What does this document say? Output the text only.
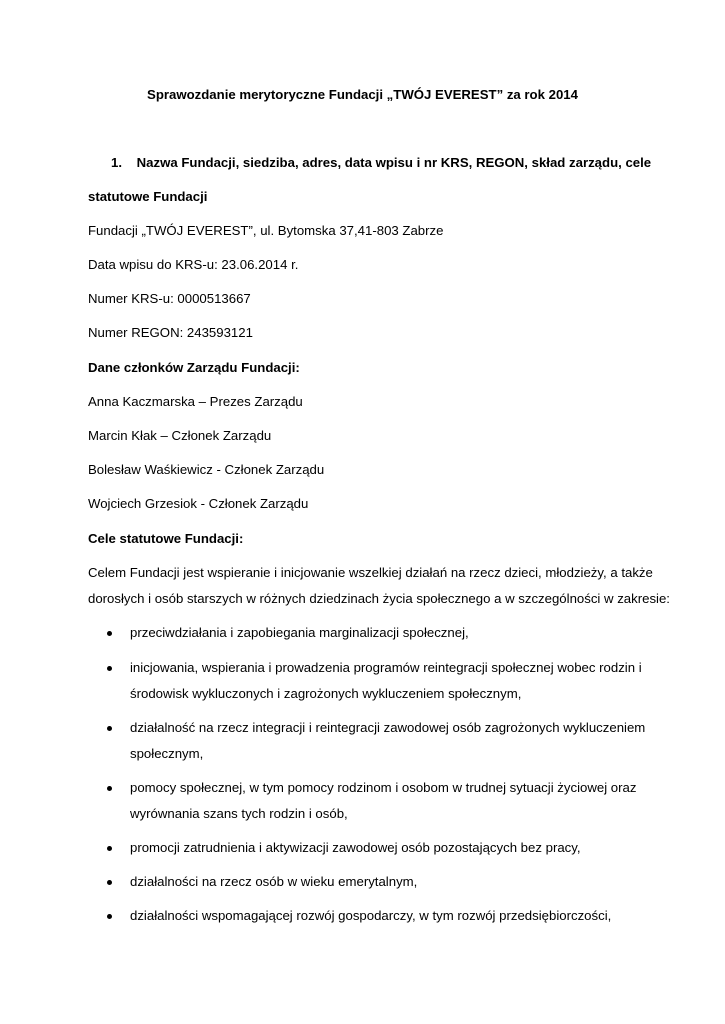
Sprawozdanie merytoryczne Fundacji „TWÓJ EVEREST” za rok 2014
1.    Nazwa Fundacji, siedziba, adres, data wpisu i nr KRS, REGON, skład zarządu, cele
statutowe Fundacji
Fundacji „TWÓJ EVEREST”, ul. Bytomska 37,41-803 Zabrze
Data wpisu do KRS-u: 23.06.2014 r.
Numer KRS-u: 0000513667
Numer REGON: 243593121
Dane członków Zarządu Fundacji:
Anna Kaczmarska – Prezes Zarządu
Marcin Kłak – Członek Zarządu
Bolesław Waśkiewicz - Członek Zarządu
Wojciech Grzesiok - Członek Zarządu
Cele statutowe Fundacji:
Celem Fundacji jest wspieranie i inicjowanie wszelkiej działań na rzecz dzieci, młodzieży, a także
dorosłych i osób starszych w różnych dziedzinach życia społecznego a w szczególności w zakresie:
przeciwdziałania i zapobiegania marginalizacji społecznej,
inicjowania, wspierania i prowadzenia programów reintegracji społecznej wobec rodzin i
środowisk wykluczonych i zagrożonych wykluczeniem społecznym,
działalność na rzecz integracji i reintegracji zawodowej osób zagrożonych wykluczeniem
społecznym,
pomocy społecznej, w tym pomocy rodzinom i osobom w trudnej sytuacji życiowej oraz
wyrównania szans tych rodzin i osób,
promocji zatrudnienia i aktywizacji zawodowej osób pozostających bez pracy,
działalności na rzecz osób w wieku emerytalnym,
działalności wspomagającej rozwój gospodarczy, w tym rozwój przedsiębiorczości,
